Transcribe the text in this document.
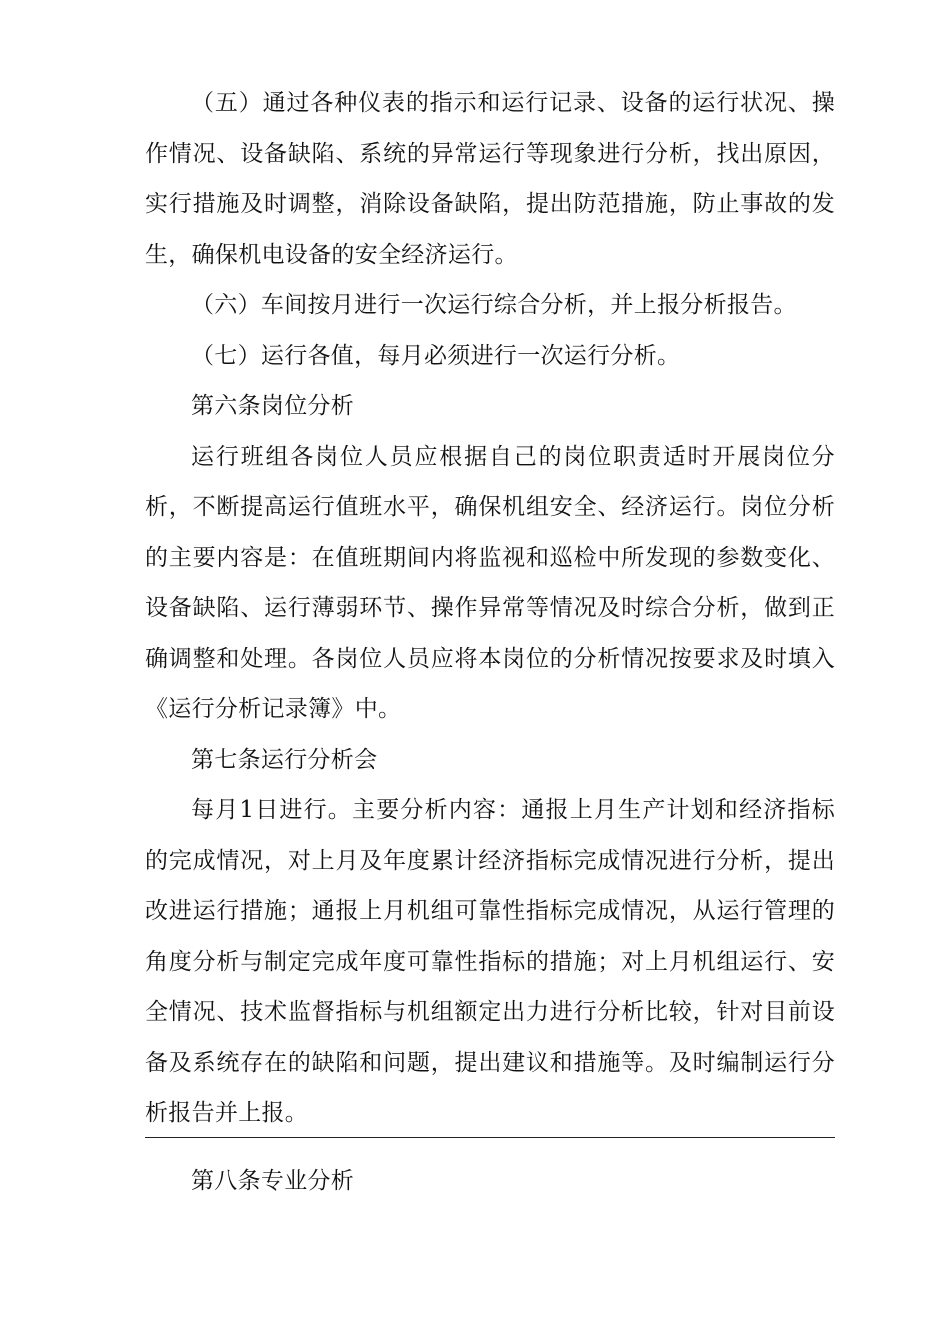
（五）通过各种仪表的指示和运行记录、设备的运行状况、操作情况、设备缺陷、系统的异常运行等现象进行分析，找出原因，实行措施及时调整，消除设备缺陷，提出防范措施，防止事故的发生，确保机电设备的安全经济运行。

（六）车间按月进行一次运行综合分析，并上报分析报告。

（七）运行各值，每月必须进行一次运行分析。

第六条岗位分析

运行班组各岗位人员应根据自己的岗位职责适时开展岗位分析，不断提高运行值班水平，确保机组安全、经济运行。岗位分析的主要内容是：在值班期间内将监视和巡检中所发现的参数变化、设备缺陷、运行薄弱环节、操作异常等情况及时综合分析，做到正确调整和处理。各岗位人员应将本岗位的分析情况按要求及时填入《运行分析记录簿》中。

第七条运行分析会

每月1日进行。主要分析内容：通报上月生产计划和经济指标的完成情况，对上月及年度累计经济指标完成情况进行分析，提出改进运行措施；通报上月机组可靠性指标完成情况，从运行管理的角度分析与制定完成年度可靠性指标的措施；对上月机组运行、安全情况、技术监督指标与机组额定出力进行分析比较，针对目前设备及系统存在的缺陷和问题，提出建议和措施等。及时编制运行分析报告并上报。

第八条专业分析
